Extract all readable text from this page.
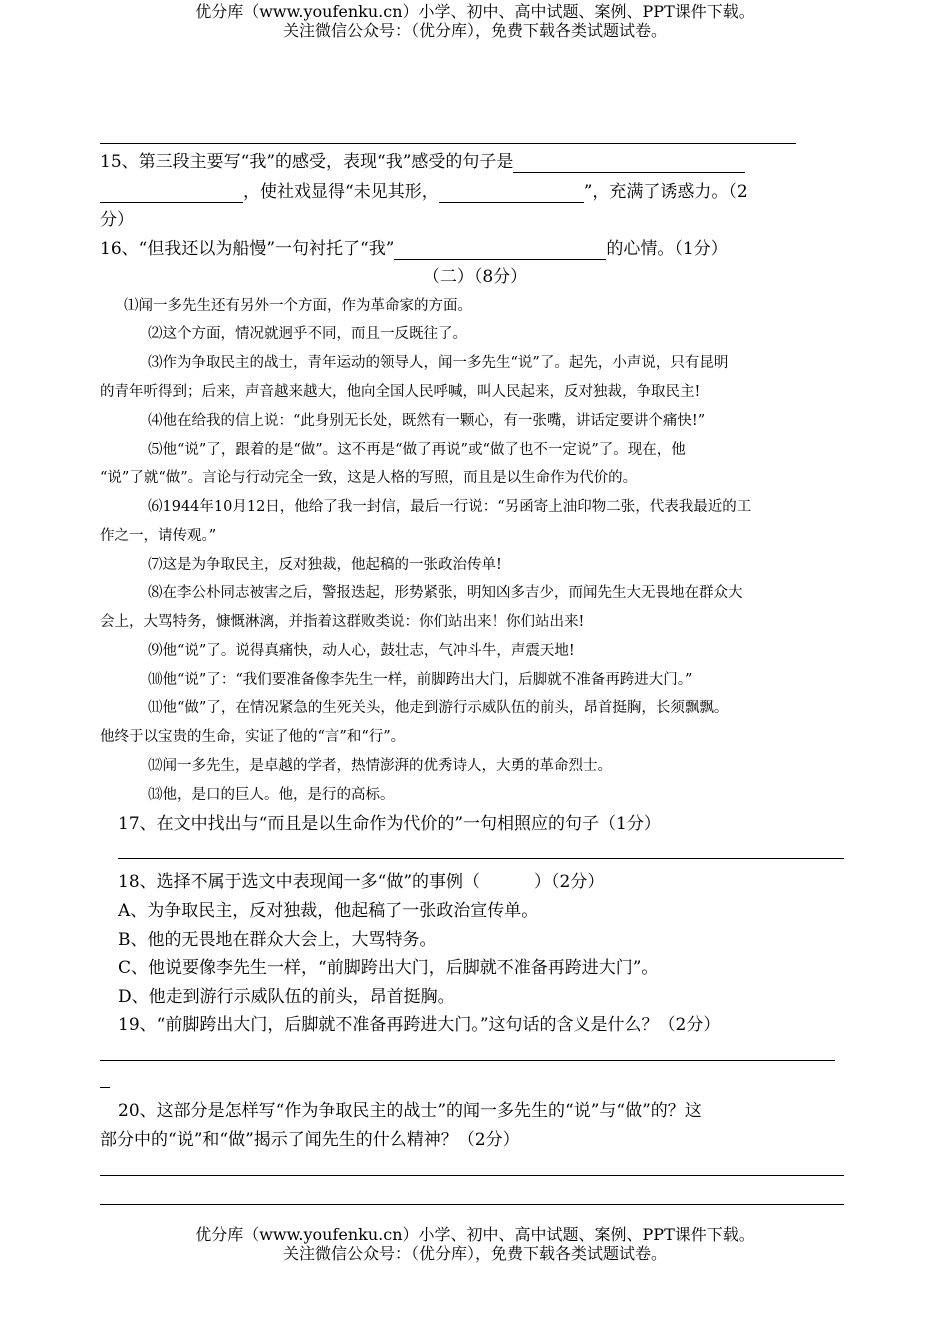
优分库（www.youfenku.cn）小学、初中、高中试题、案例、PPT课件下载。
关注微信公众号：（优分库），免费下载各类试题试卷。
15、第三段主要写“我”的感受，表现“我”感受的句子是
，使社戏显得“未见其形，	”，充满了诱惑力。（2
分）
16、“但我还以为船慢”一句衬托了“我”	的心情。（1分）
（二）（8分）
⑴闻一多先生还有另外一个方面，作为革命家的方面。
⑵这个方面，情况就迥乎不同，而且一反既往了。
⑶作为争取民主的战士，青年运动的领导人，闻一多先生“说”了。起先，小声说，只有昆明
的青年听得到；后来，声音越来越大，他向全国人民呼喊，叫人民起来，反对独裁，争取民主!
⑷他在给我的信上说：“此身别无长处，既然有一颗心，有一张嘴，讲话定要讲个痛快!”
⑸他“说”了，跟着的是“做”。这不再是“做了再说”或“做了也不一定说”了。现在，他
“说”了就“做”。言论与行动完全一致，这是人格的写照，而且是以生命作为代价的。
⑹1944年10月12日，他给了我一封信，最后一行说：“另函寄上油印物二张，代表我最近的工
作之一，请传观。”
⑺这是为争取民主，反对独裁，他起稿的一张政治传单!
⑻在李公朴同志被害之后，警报迭起，形势紧张，明知凶多吉少，而闻先生大无畏地在群众大
会上，大骂特务，慷慨淋漓，并指着这群败类说：你们站出来！你们站出来!
⑼他“说”了。说得真痛快，动人心，鼓壮志，气冲斗牛，声震天地!
⑽他“说”了：“我们要准备像李先生一样，前脚跨出大门，后脚就不准备再跨进大门。”
⑾他“做”了，在情况紧急的生死关头，他走到游行示威队伍的前头，昂首挺胸，长须飘飘。
他终于以宝贵的生命，实证了他的“言”和“行”。
⑿闻一多先生，是卓越的学者，热情澎湃的优秀诗人，大勇的革命烈士。
⒀他，是口的巨人。他，是行的高标。
17、在文中找出与“而且是以生命作为代价的”一句相照应的句子（1分）
18、选择不属于选文中表现闻一多“做”的事例（	）（2分）
A、为争取民主，反对独裁，他起稿了一张政治宣传单。
B、他的无畏地在群众大会上，大骂特务。
C、他说要像李先生一样，“前脚跨出大门，后脚就不准备再跨进大门”。
D、他走到游行示威队伍的前头，昂首挺胸。
19、“前脚跨出大门，后脚就不准备再跨进大门。”这句话的含义是什么？（2分）
20、这部分是怎样写“作为争取民主的战士”的闻一多先生的“说”与“做”的？这
部分中的“说”和“做”揭示了闻先生的什么精神？（2分）
优分库（www.youfenku.cn）小学、初中、高中试题、案例、PPT课件下载。
关注微信公众号：（优分库），免费下载各类试题试卷。
